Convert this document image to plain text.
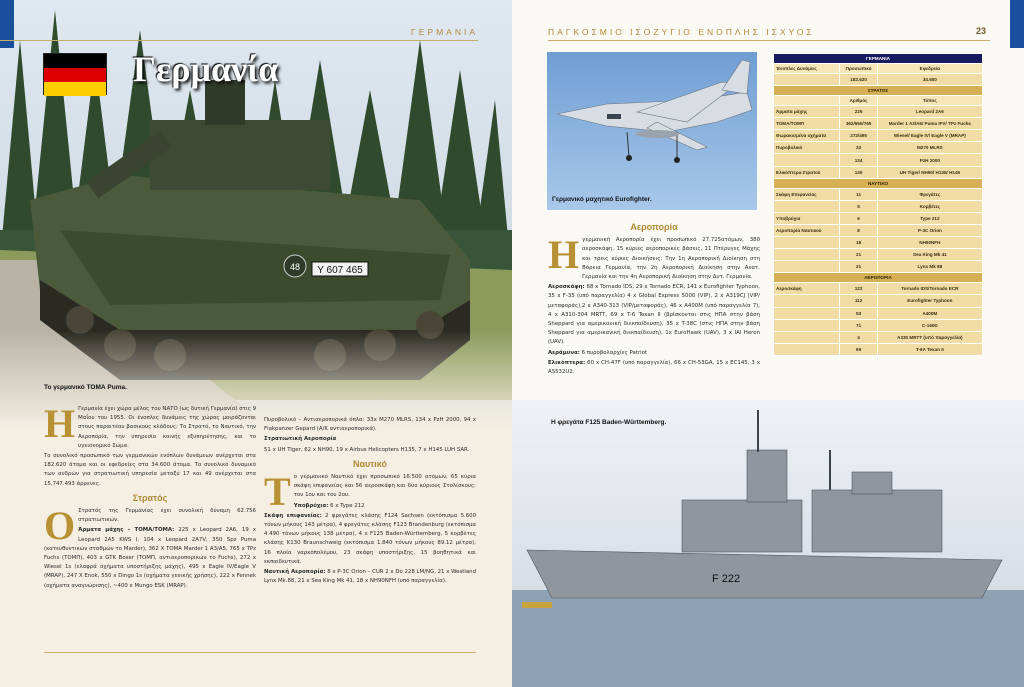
Y 607 465
48
ΓΕΡΜΑΝΙΑ
Γερμανία
Το γερμανικό ΤΟΜΑ Puma.

Η Γερμανία έχει χώρα μέλος του ΝΑΤΟ (ως δυτική Γερμανία) στις 9 Μαΐου του 1955. Οι ένοπλες δυνάμεις της χώρας μοιράζονται στους παραιτέου βασικούς κλάδους: Το Στρατό, το Ναυτικό, την Αεροπορία, την υπηρεσία κοινής εξυπηρέτησης, και το υγειονομικό Σώμα.

Το συνολικό προσωπικό των γερμανικών ενόπλων δυνάμεων ανέρχεται στα 182.620 άτομα και οι εφεδρείες στα 34.600 άτομα. Το συνολικό δυναμικό των ανδρών για στρατιωτική υπηρεσία μεταξύ 17 και 49 ανέρχεται στα 15.747.493 άρρενες.

Στρατός

Ο Στρατός της Γερμανίας έχει συνολική δύναμη 62.756 στρατιωτικών.

Άρματα μάχης – ΤΟΜΑ/ΤΟΜΑ: 225 x Leopard 2A6, 19 x Leopard 2A5 KWS I, 104 x Leopard 2A7V, 350 Spz Puma (κατευθυντικών σταθμών το Marder), 362 X ΤΟΜΑ Marder 1 A3/A5, 765 x TPz Fuchs (ΤΟΜΠ), 403 x GTK Boxer (ΤΟΜΠ, αντιαεροπορικών το Fuchs), 272 x Wiesel 1s (ελαφρά οχήματα υποστήριξης μάχης), 495 x Eagle IV/Eagle V (MRAP), 247 X Enok, 550 x Dingo 1s (οχήματα γενικής χρήσης), 222 x Fennek (οχήματα αναγνώρισης), ~400 x Mungo ESK (MRAP).

Πυροβολικό – Αντιαεροπορικά όπλα: 33x M270 MLRS, 134 x PzH 2000, 94 x Flakpanzer Gepard (Α/Κ αντιαεροπορικά).

Στρατιωτική Αεροπορία

51 x UH Tiger, 62 x NH90, 19 x Airbus Helicopters H135, 7 x H145 LUH SAR.

Ναυτικό

Το γερμανικό Ναυτικό έχει προσωπικό 16.500 ατόμων, 65 κύρια σκάφη επιφανείας και 56 αεροσκάφη και δύο κύριους Στολίσκους: του 1ου και του 2ου.

Υποβρύχια: 6 x Type 212

Σκάφη επιφανείας: 2 φρεγάτες κλάσης F124 Sachsen (εκτόπισμα 5.600 τόνων μήκους 143 μέτρα), 4 φρεγάτες κλάσης F123 Brandenburg (εκτόπισμα 4.490 τόνων μήκους 138 μέτρα), 4 x F125 Baden-Württemberg, 5 κορβέτες κλάσης K130 Braunschweig (εκτόπισμα 1.840 τόνων μήκους 89.12 μέτρα), 16 πλοία ναρκοπολέμου, 23 σκάφη υποστήριξης, 15 βοηθητικά και εκπαιδευτικά.

Ναυτική Αεροπορία: 8 x P-3C Orion – CUR 2 x Do 228 LM/NG, 21 x Westland Lynx Mk.88, 21 x Sea King Mk 41, 18 x NH90NFH (υπό παραγγελία).

ΠΑΓΚΟΣΜΙΟ ΙΣΟΖΥΓΙΟ ΕΝΟΠΛΗΣ ΙΣΧΥΟΣ	23
Γερμανικό μαχητικό Eurofighter.
Αεροπορία

Ηγερμανική Αεροπορία έχει προσωπικό 27.725ατόμων, 380 αεροσκάφη, 15 κύριες αεροπορικές βάσεις, 11 Πτέρυγες Μάχης και τρεις κύριες Διοικήσεις: Την 1η Αεροπορική Διοίκηση στη Βόρεια Γερμανία, την 2η Αεροπορική Διοίκηση στην Ανατ. Γερμανία και την 4η Αεροπορική Διοίκηση στην Δυτ. Γερμανία.

Αεροσκάφη: 68 x Tornado IDS, 29 x Tornado ECR, 141 x Eurofighter Typhoon, 35 x F-35 (υπό παραγγελία) 4 x Global Express 5000 (VIP), 2 x A319CJ (VIP/μεταφοράς),2 x A340-313 (VIP/μεταφοράς), 46 x A400M (υπό παραγγελία 7), 4 x A310-304 MRTT, 69 x T-6 Texan II (βρίσκονται στις ΗΠΑ στην βάση Sheppard για αμερικανική διεκπαίδευση), 35 x T-38C (στις ΗΠΑ στην βάση Sheppard για αμερικανική διεκπαίδευση), 1x EuroHawk (UAV), 3 x IAI Heron (UAV).

Αεράμυνα: 6 πυροβολαρχίες Patriot

Ελικόπτερα: 60 x CH-47F (υπό παραγγελία), 66 x CH-53GA, 15 x EC145, 3 x AS532U2.

ΓΕΡΜΑΝΙΑ		
Ένοπλες Δυνάμεις	Προσωπικό	Εφεδρεία
	182.620	34.600
ΣΤΡΑΤΟΣ		
	Αριθμός	Τύπος
Άρματα μάχης	225	Leopard 2A6
ΤΟΜΑ/ΤΟΜΠ	362/550/765	Marder 1 A3/A5/ Puma IFV/ TPz Fuchs
Θωρακισμένα οχήματα	272/495	Wiesel/ Eagle IV/ Eagle V (MRAP)
Πυροβολικό	33	M270 MLRS
	134	PzH 2000
Ελικόπτερα Στρατού	130	UH Tiger/ NH90/ H135/ H145
ΝΑΥΤΙΚΟ		
Σκάφη Επιφανείας	11	Φρεγάτες
	5	Κορβέτες
Υποβρύχια	6	Type 212
Αεροπορία Ναυτικού	8	P-3C Orion
	18	NH90NFH
	21	Sea King Mk 41
	21	Lynx Mk 88
ΑΕΡΟΠΟΡΙΑ		
Αεροσκάφη	122	Tornado IDS/Tornado ECR
	112	Eurofighter Typhoon
	53	A400M
	71	C-160D
	4	A330 MRTT (υπό παραγγελία)
	69	T-6A Texan II
F 222
Η φρεγάτα F125 Baden-Württemberg.
